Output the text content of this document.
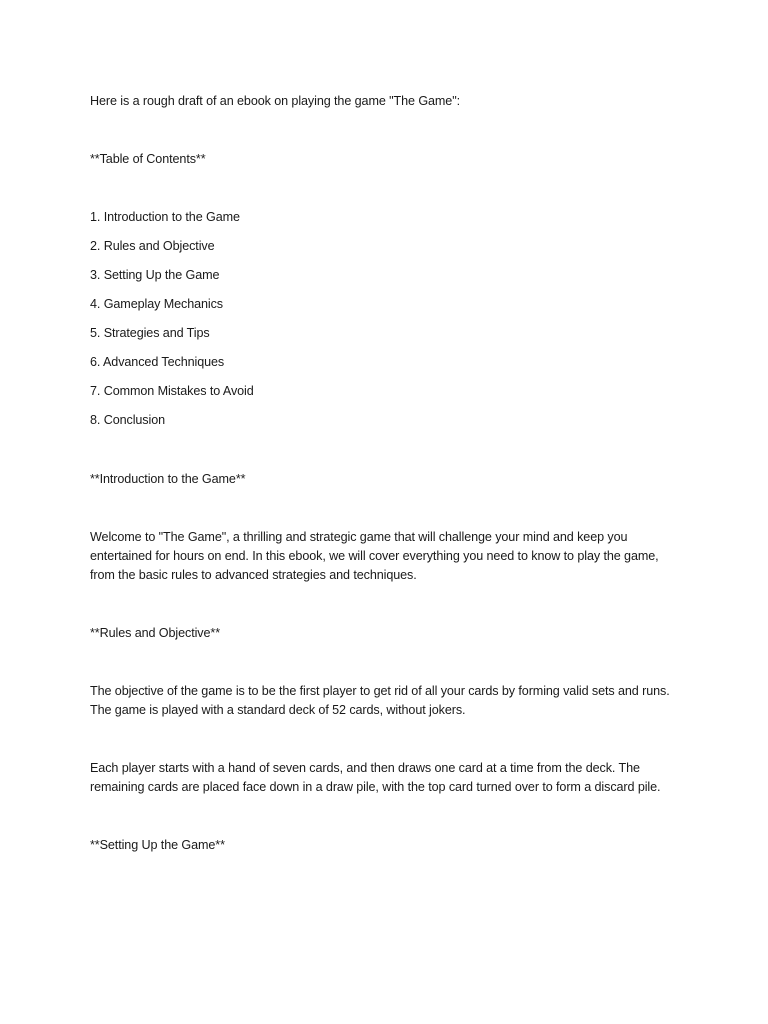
Here is a rough draft of an ebook on playing the game "The Game":
**Table of Contents**
1. Introduction to the Game
2. Rules and Objective
3. Setting Up the Game
4. Gameplay Mechanics
5. Strategies and Tips
6. Advanced Techniques
7. Common Mistakes to Avoid
8. Conclusion
**Introduction to the Game**
Welcome to "The Game", a thrilling and strategic game that will challenge your mind and keep you entertained for hours on end. In this ebook, we will cover everything you need to know to play the game, from the basic rules to advanced strategies and techniques.
**Rules and Objective**
The objective of the game is to be the first player to get rid of all your cards by forming valid sets and runs. The game is played with a standard deck of 52 cards, without jokers.
Each player starts with a hand of seven cards, and then draws one card at a time from the deck. The remaining cards are placed face down in a draw pile, with the top card turned over to form a discard pile.
**Setting Up the Game**
